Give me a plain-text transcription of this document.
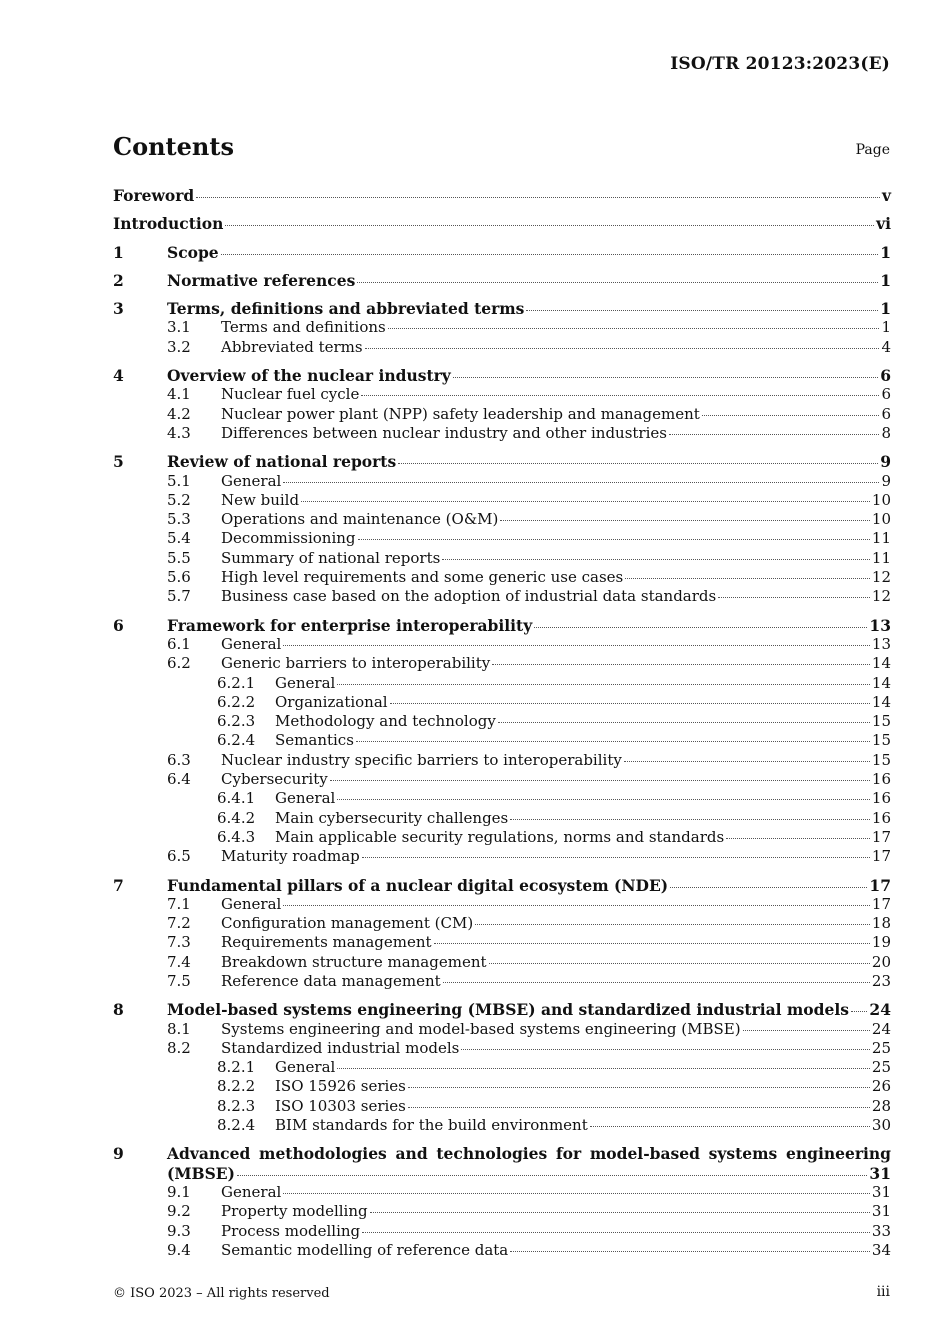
ISO/TR 20123:2023(E)
Contents	Page
Foreword	v
Introduction	vi
1	Scope	1
2	Normative references	1
3	Terms, definitions and abbreviated terms	1
3.1	Terms and definitions	1
3.2	Abbreviated terms	4
4	Overview of the nuclear industry	6
4.1	Nuclear fuel cycle	6
4.2	Nuclear power plant (NPP) safety leadership and management	6
4.3	Differences between nuclear industry and other industries	8
5	Review of national reports	9
5.1	General	9
5.2	New build	10
5.3	Operations and maintenance (O&M)	10
5.4	Decommissioning	11
5.5	Summary of national reports	11
5.6	High level requirements and some generic use cases	12
5.7	Business case based on the adoption of industrial data standards	12
6	Framework for enterprise interoperability	13
6.1	General	13
6.2	Generic barriers to interoperability	14
6.2.1	General	14
6.2.2	Organizational	14
6.2.3	Methodology and technology	15
6.2.4	Semantics	15
6.3	Nuclear industry specific barriers to interoperability	15
6.4	Cybersecurity	16
6.4.1	General	16
6.4.2	Main cybersecurity challenges	16
6.4.3	Main applicable security regulations, norms and standards	17
6.5	Maturity roadmap	17
7	Fundamental pillars of a nuclear digital ecosystem (NDE)	17
7.1	General	17
7.2	Configuration management (CM)	18
7.3	Requirements management	19
7.4	Breakdown structure management	20
7.5	Reference data management	23
8	Model-based systems engineering (MBSE) and standardized industrial models 24
8.1	Systems engineering and model-based systems engineering (MBSE)	24
8.2	Standardized industrial models	25
8.2.1	General	25
8.2.2	ISO 15926 series	26
8.2.3	ISO 10303 series	28
8.2.4	BIM standards for the build environment	30
9	Advanced methodologies and technologies for model-based systems engineering
(MBSE)	31
9.1	General	31
9.2	Property modelling	31
9.3	Process modelling	33
9.4	Semantic modelling of reference data	34
© ISO 2023 – All rights reserved	iii
